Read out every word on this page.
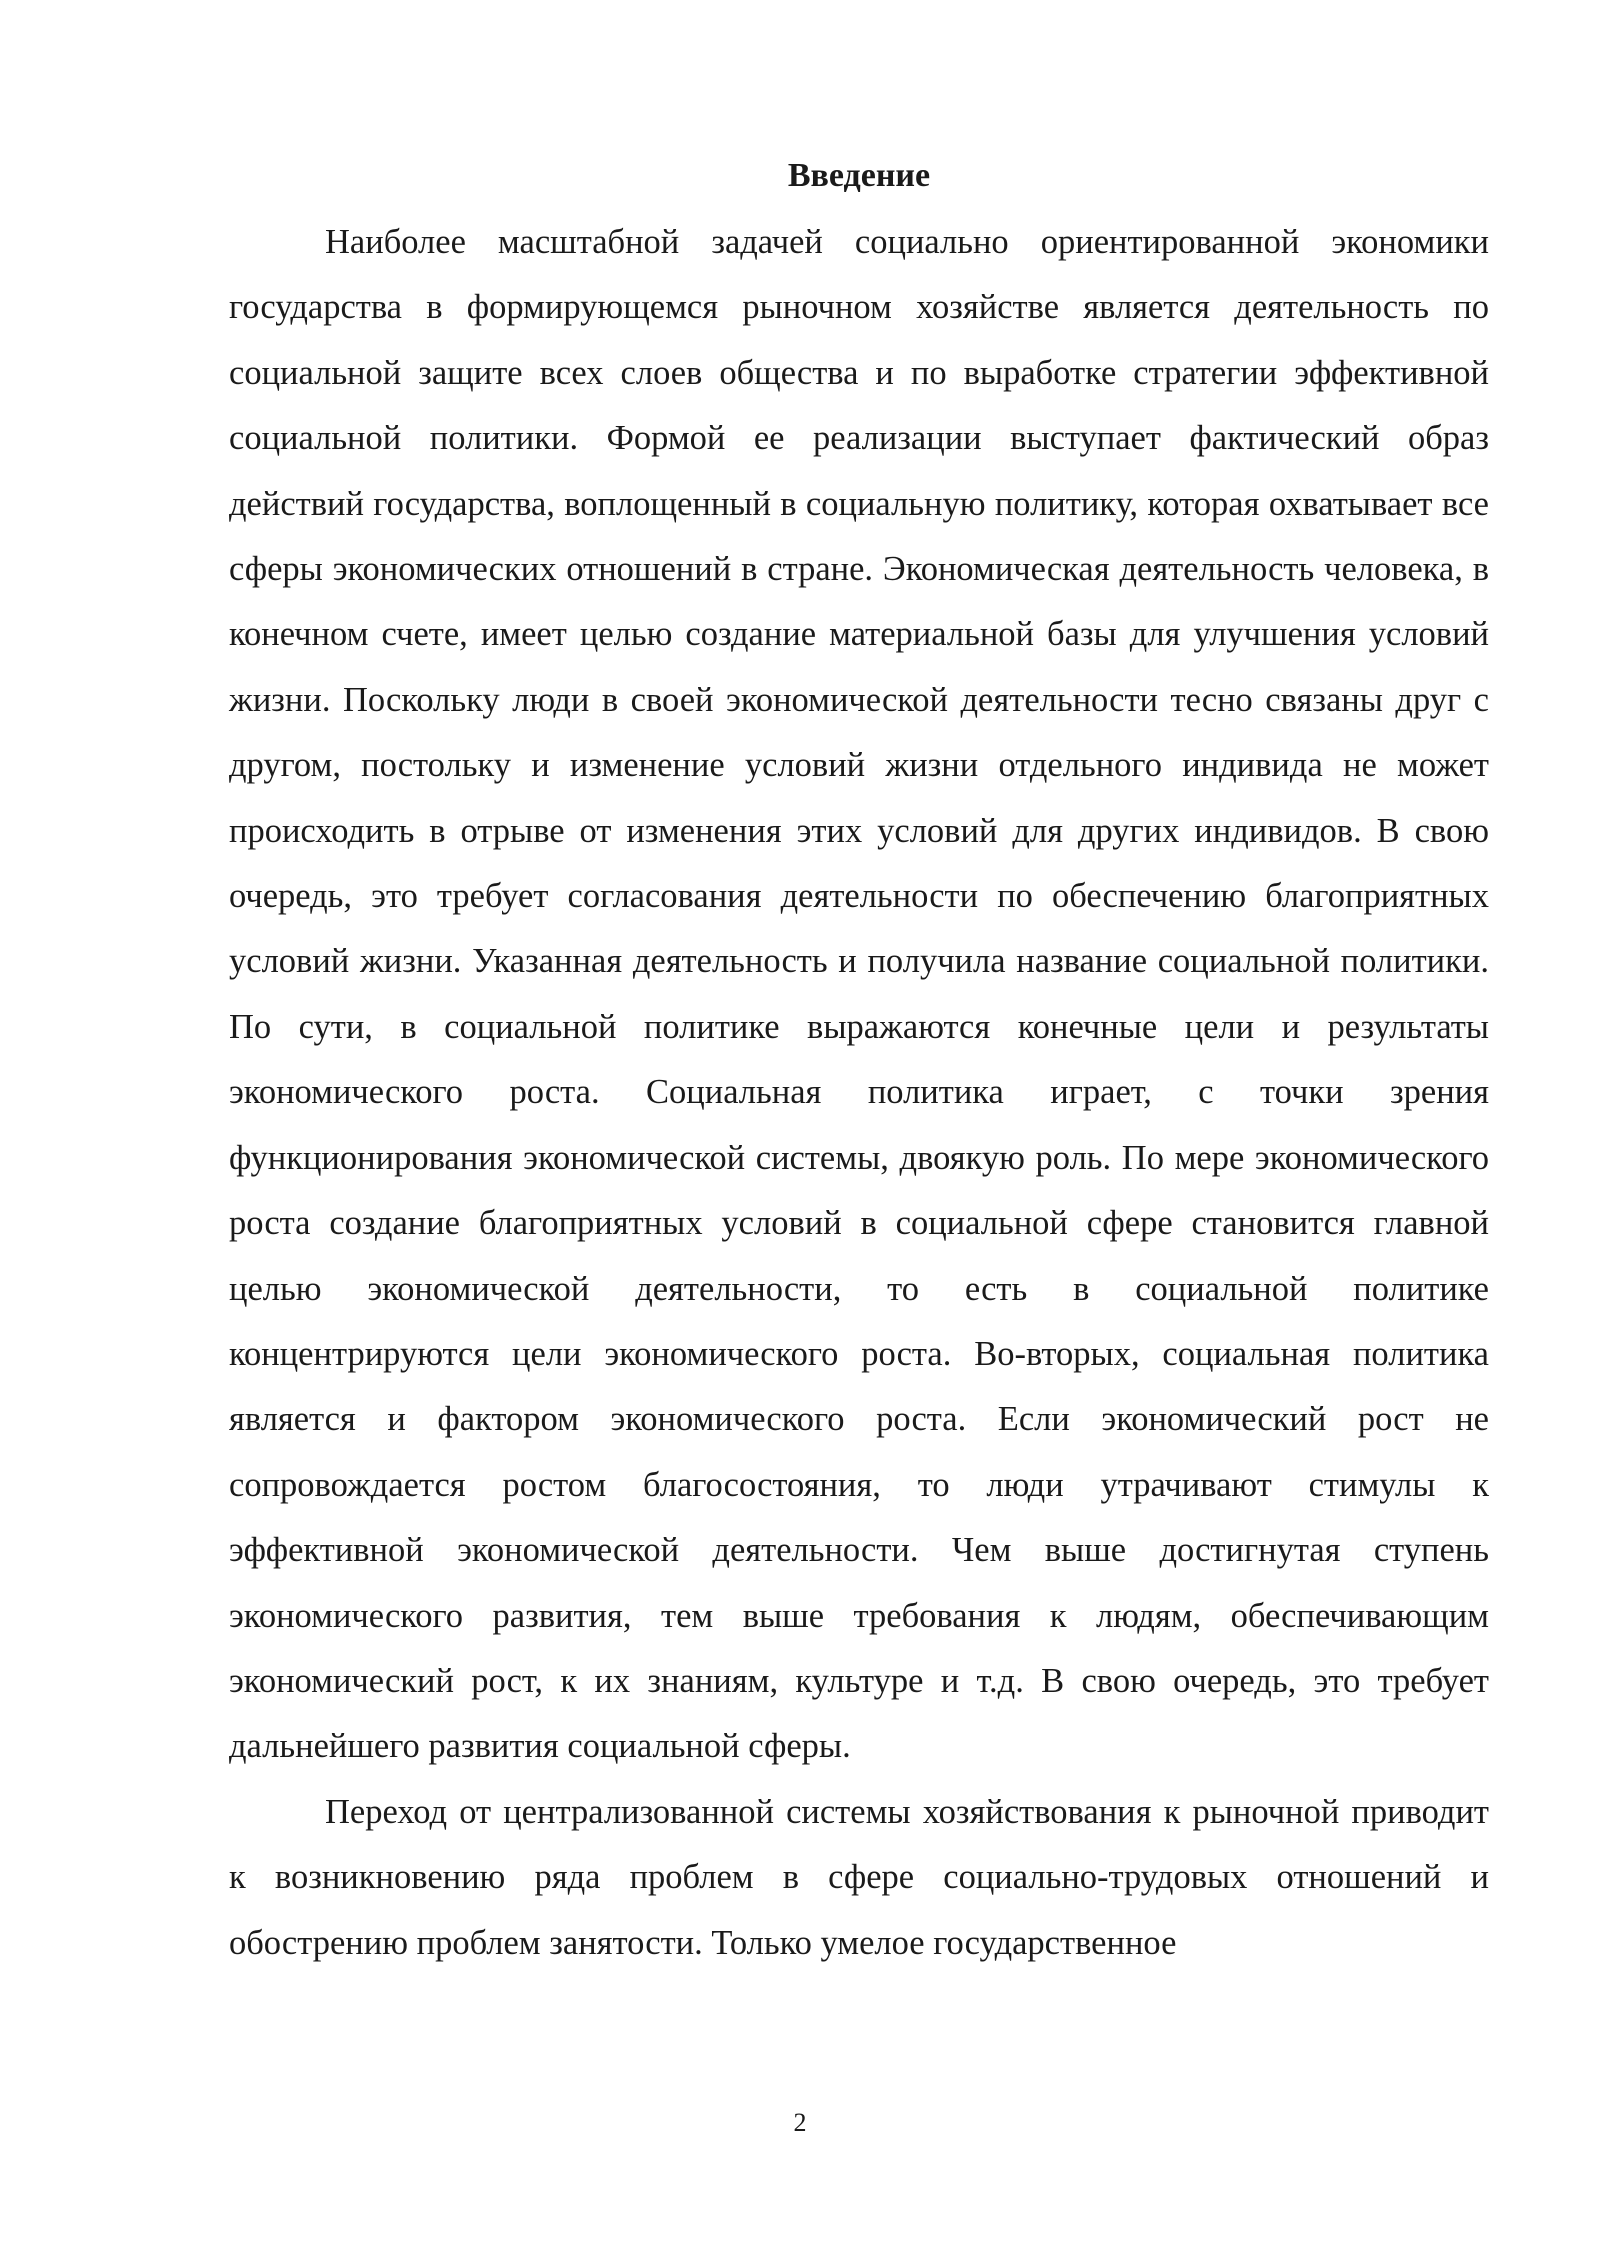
Введение

Наиболее масштабной задачей социально ориентированной экономики государства в формирующемся рыночном хозяйстве является деятельность по социальной защите всех слоев общества и по выработке стратегии эффективной социальной политики. Формой ее реализации выступает фактический образ действий государства, воплощенный в социальную политику, которая охватывает все сферы экономических отношений в стране. Экономическая деятельность человека, в конечном счете, имеет целью создание материальной базы для улучшения условий жизни. Поскольку люди в своей экономической деятельности тесно связаны друг с другом, постольку и изменение условий жизни отдельного индивида не может происходить в отрыве от изменения этих условий для других индивидов. В свою очередь, это требует согласования деятельности по обеспечению благоприятных условий жизни. Указанная деятельность и получила название социальной политики. По сути, в социальной политике выражаются конечные цели и результаты экономического роста. Социальная политика играет, с точки зрения функционирования экономической системы, двоякую роль. По мере экономического роста создание благоприятных условий в социальной сфере становится главной целью экономической деятельности, то есть в социальной политике концентрируются цели экономического роста. Во-вторых, социальная политика является и фактором экономического роста. Если экономический рост не сопровождается ростом благосостояния, то люди утрачивают стимулы к эффективной экономической деятельности. Чем выше достигнутая ступень экономического развития, тем выше требования к людям, обеспечивающим экономический рост, к их знаниям, культуре и т.д. В свою очередь, это требует дальнейшего развития социальной сферы.

Переход от централизованной системы хозяйствования к рыночной приводит к возникновению ряда проблем в сфере социально-трудовых отношений и обострению проблем занятости. Только умелое государственное

2
